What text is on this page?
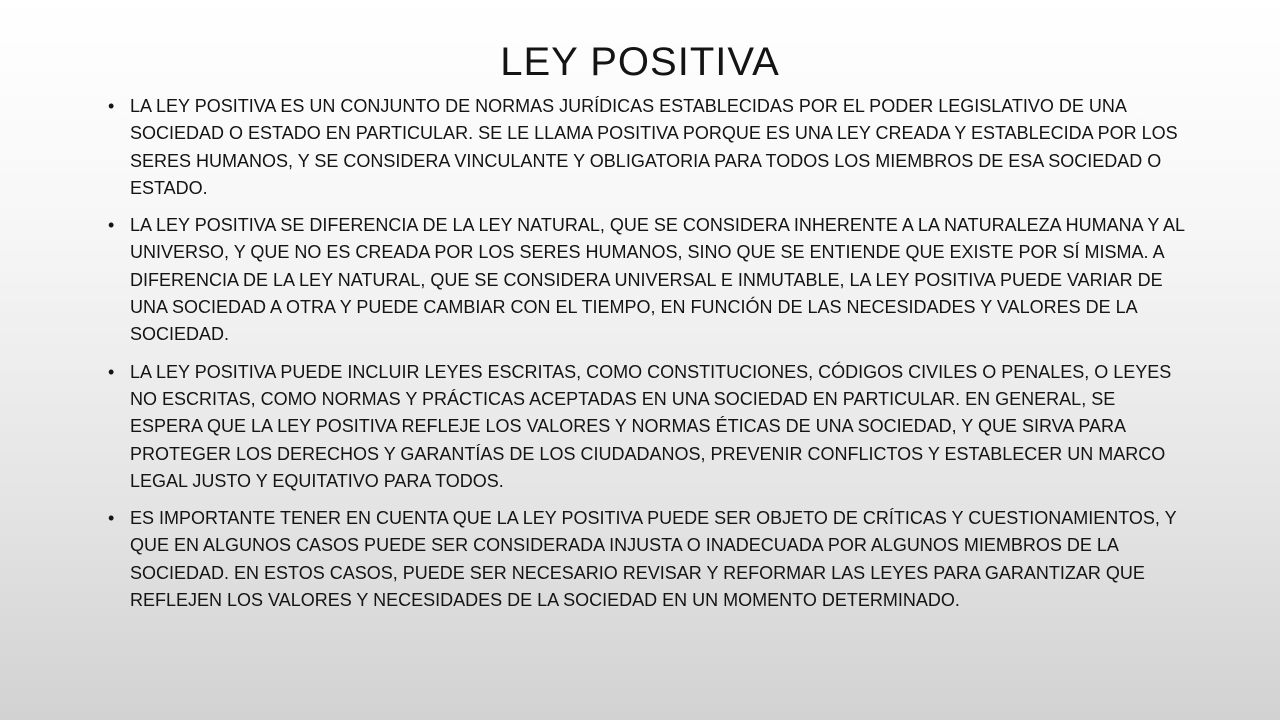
LEY POSITIVA
• LA LEY POSITIVA ES UN CONJUNTO DE NORMAS JURÍDICAS ESTABLECIDAS POR EL PODER LEGISLATIVO DE UNA SOCIEDAD O ESTADO EN PARTICULAR. SE LE LLAMA POSITIVA PORQUE ES UNA LEY CREADA Y ESTABLECIDA POR LOS SERES HUMANOS, Y SE CONSIDERA VINCULANTE Y OBLIGATORIA PARA TODOS LOS MIEMBROS DE ESA SOCIEDAD O ESTADO.
• LA LEY POSITIVA SE DIFERENCIA DE LA LEY NATURAL, QUE SE CONSIDERA INHERENTE A LA NATURALEZA HUMANA Y AL UNIVERSO, Y QUE NO ES CREADA POR LOS SERES HUMANOS, SINO QUE SE ENTIENDE QUE EXISTE POR SÍ MISMA. A DIFERENCIA DE LA LEY NATURAL, QUE SE CONSIDERA UNIVERSAL E INMUTABLE, LA LEY POSITIVA PUEDE VARIAR DE UNA SOCIEDAD A OTRA Y PUEDE CAMBIAR CON EL TIEMPO, EN FUNCIÓN DE LAS NECESIDADES Y VALORES DE LA SOCIEDAD.
• LA LEY POSITIVA PUEDE INCLUIR LEYES ESCRITAS, COMO CONSTITUCIONES, CÓDIGOS CIVILES O PENALES, O LEYES NO ESCRITAS, COMO NORMAS Y PRÁCTICAS ACEPTADAS EN UNA SOCIEDAD EN PARTICULAR. EN GENERAL, SE ESPERA QUE LA LEY POSITIVA REFLEJE LOS VALORES Y NORMAS ÉTICAS DE UNA SOCIEDAD, Y QUE SIRVA PARA PROTEGER LOS DERECHOS Y GARANTÍAS DE LOS CIUDADANOS, PREVENIR CONFLICTOS Y ESTABLECER UN MARCO LEGAL JUSTO Y EQUITATIVO PARA TODOS.
• ES IMPORTANTE TENER EN CUENTA QUE LA LEY POSITIVA PUEDE SER OBJETO DE CRÍTICAS Y CUESTIONAMIENTOS, Y QUE EN ALGUNOS CASOS PUEDE SER CONSIDERADA INJUSTA O INADECUADA POR ALGUNOS MIEMBROS DE LA SOCIEDAD. EN ESTOS CASOS, PUEDE SER NECESARIO REVISAR Y REFORMAR LAS LEYES PARA GARANTIZAR QUE REFLEJEN LOS VALORES Y NECESIDADES DE LA SOCIEDAD EN UN MOMENTO DETERMINADO.
